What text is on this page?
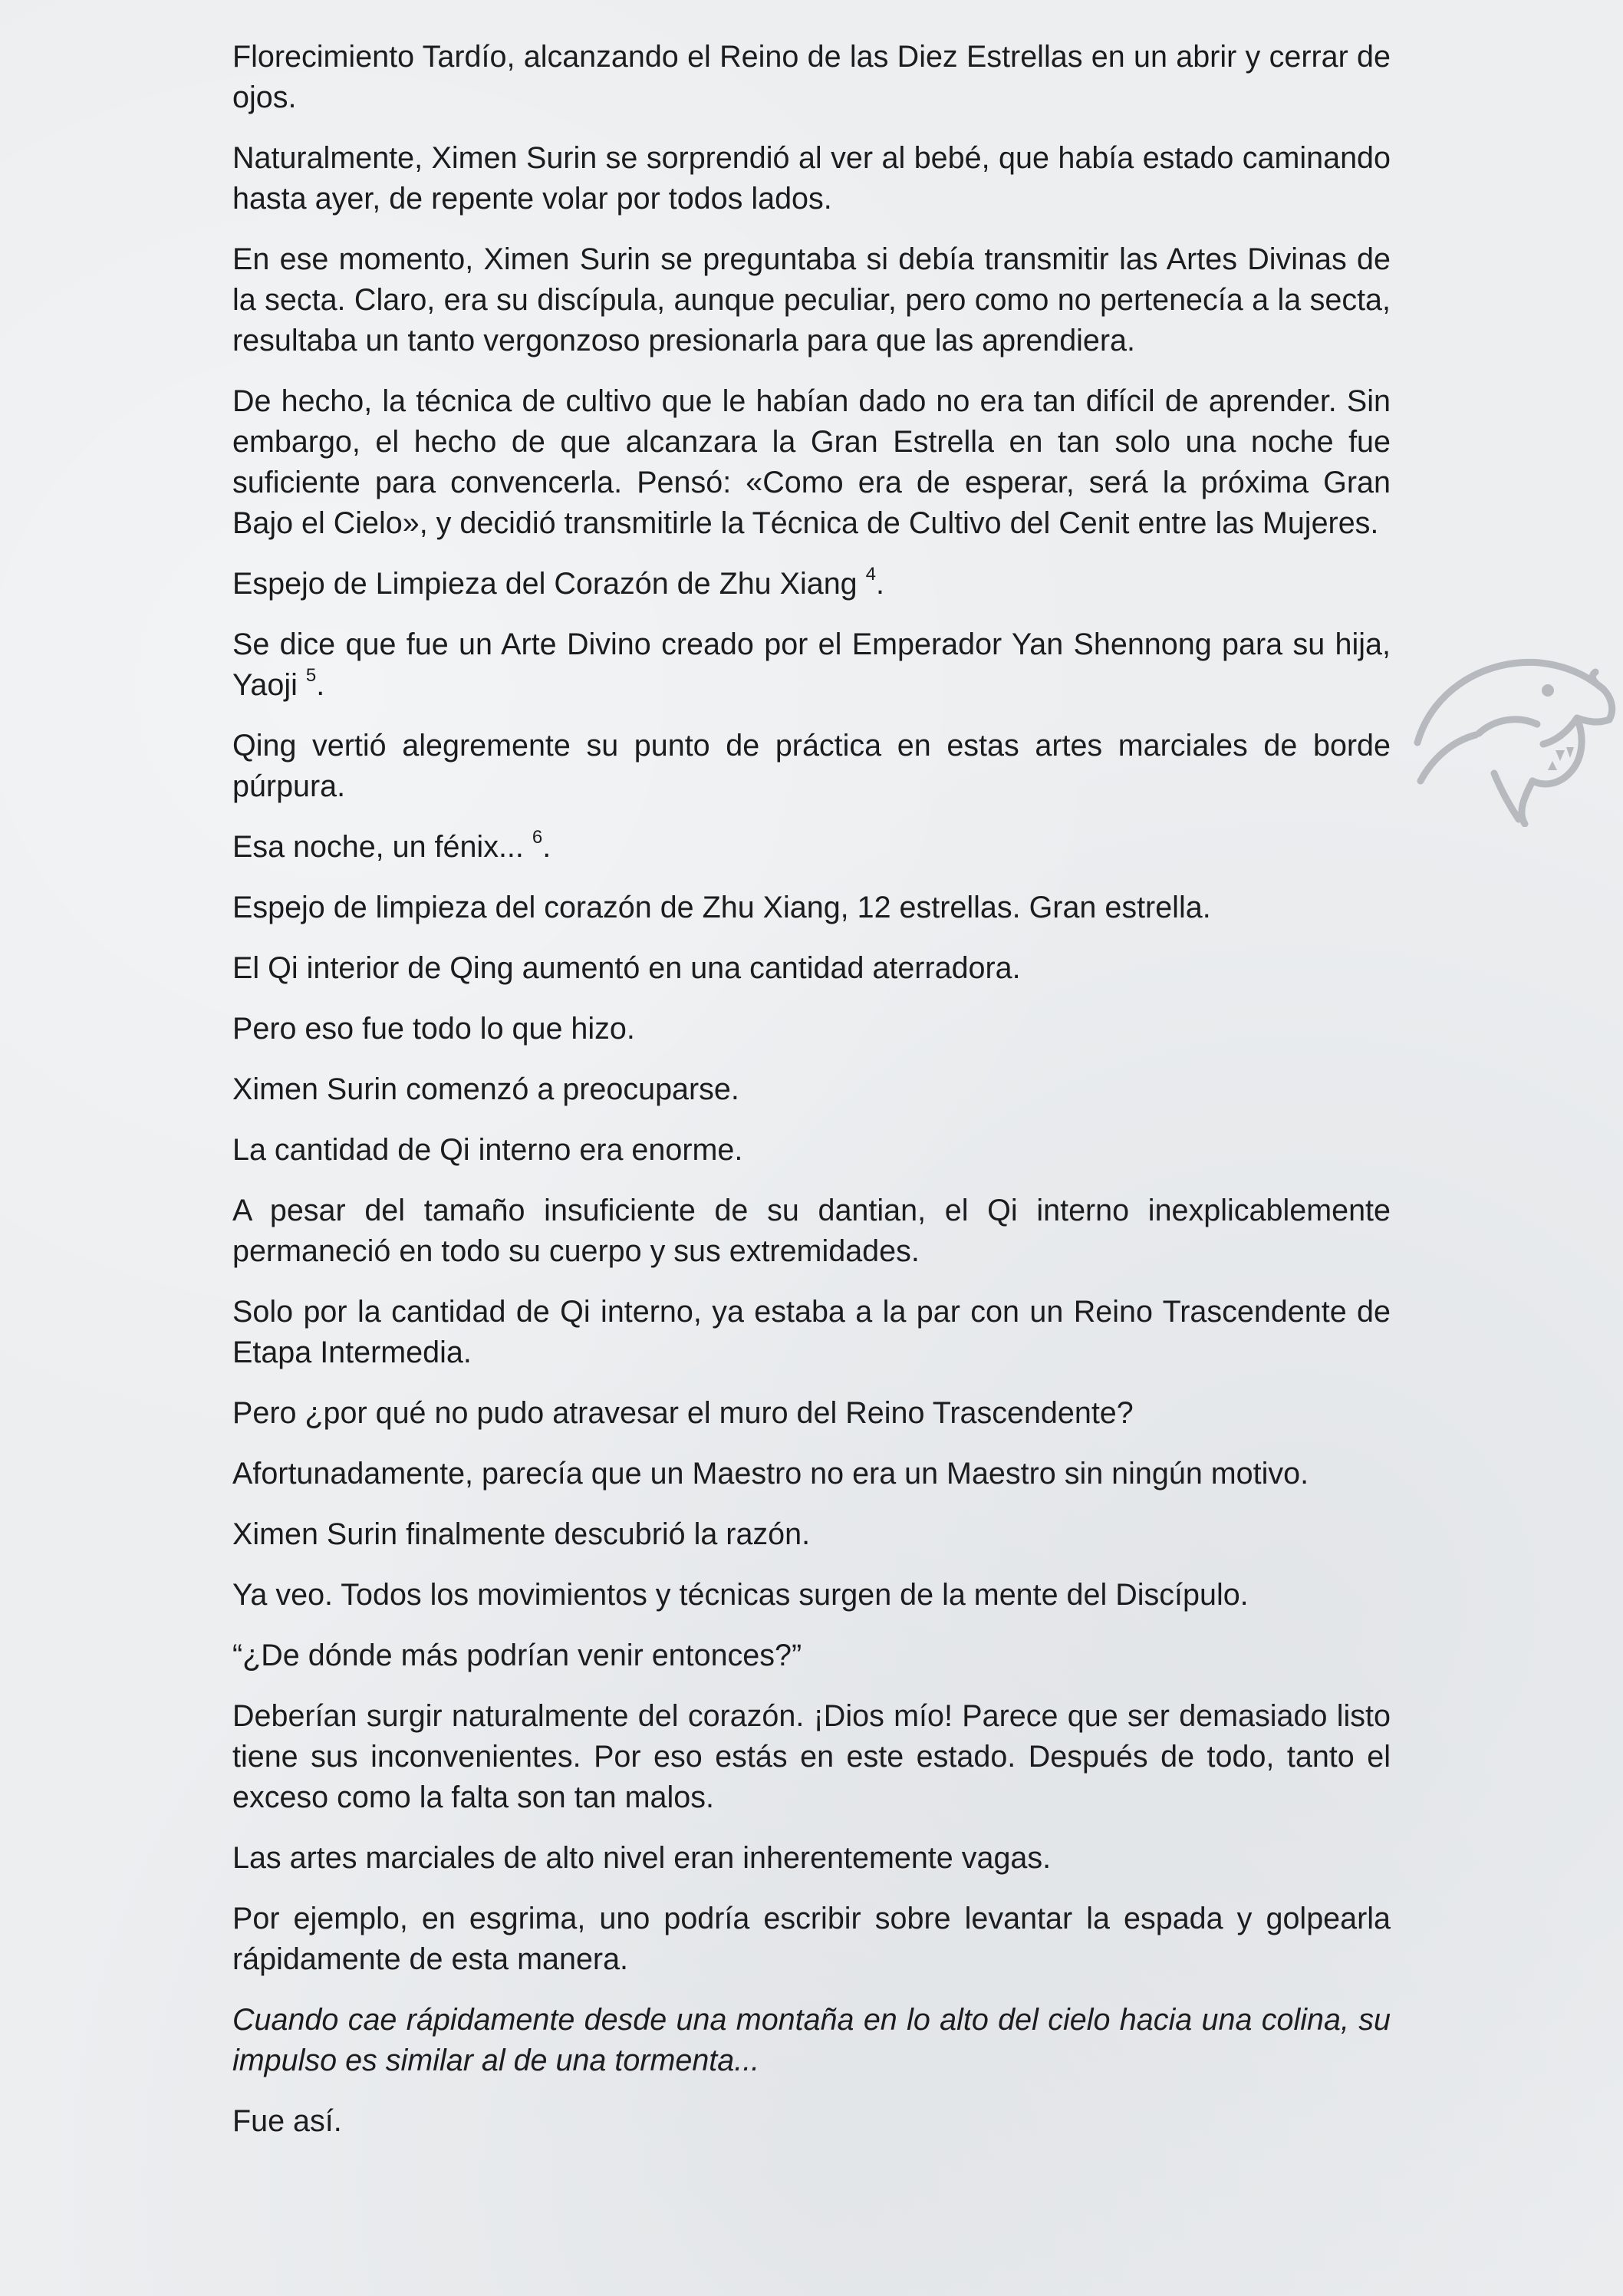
Florecimiento Tardío, alcanzando el Reino de las Diez Estrellas en un abrir y cerrar de ojos.

Naturalmente, Ximen Surin se sorprendió al ver al bebé, que había estado caminando hasta ayer, de repente volar por todos lados.

En ese momento, Ximen Surin se preguntaba si debía transmitir las Artes Divinas de la secta. Claro, era su discípula, aunque peculiar, pero como no pertenecía a la secta, resultaba un tanto vergonzoso presionarla para que las aprendiera.

De hecho, la técnica de cultivo que le habían dado no era tan difícil de aprender. Sin embargo, el hecho de que alcanzara la Gran Estrella en tan solo una noche fue suficiente para convencerla. Pensó: «Como era de esperar, será la próxima Gran Bajo el Cielo», y decidió transmitirle la Técnica de Cultivo del Cenit entre las Mujeres.

Espejo de Limpieza del Corazón de Zhu Xiang $^4$.

Se dice que fue un Arte Divino creado por el Emperador Yan Shennong para su hija, Yaoji $^5$.

Qing vertió alegremente su punto de práctica en estas artes marciales de borde púrpura.

Esa noche, un fénix... $^6$.

Espejo de limpieza del corazón de Zhu Xiang, 12 estrellas. Gran estrella.

El Qi interior de Qing aumentó en una cantidad aterradora.

Pero eso fue todo lo que hizo.

Ximen Surin comenzó a preocuparse.

La cantidad de Qi interno era enorme.

A pesar del tamaño insuficiente de su dantian, el Qi interno inexplicablemente permaneció en todo su cuerpo y sus extremidades.

Solo por la cantidad de Qi interno, ya estaba a la par con un Reino Trascendente de Etapa Intermedia.

Pero ¿por qué no pudo atravesar el muro del Reino Trascendente?

Afortunadamente, parecía que un Maestro no era un Maestro sin ningún motivo.

Ximen Surin finalmente descubrió la razón.

Ya veo. Todos los movimientos y técnicas surgen de la mente del Discípulo.

“¿De dónde más podrían venir entonces?”

Deberían surgir naturalmente del corazón. ¡Dios mío! Parece que ser demasiado listo tiene sus inconvenientes. Por eso estás en este estado. Después de todo, tanto el exceso como la falta son tan malos.

Las artes marciales de alto nivel eran inherentemente vagas.

Por ejemplo, en esgrima, uno podría escribir sobre levantar la espada y golpearla rápidamente de esta manera.

Cuando cae rápidamente desde una montaña en lo alto del cielo hacia una colina, su impulso es similar al de una tormenta...

Fue así.
